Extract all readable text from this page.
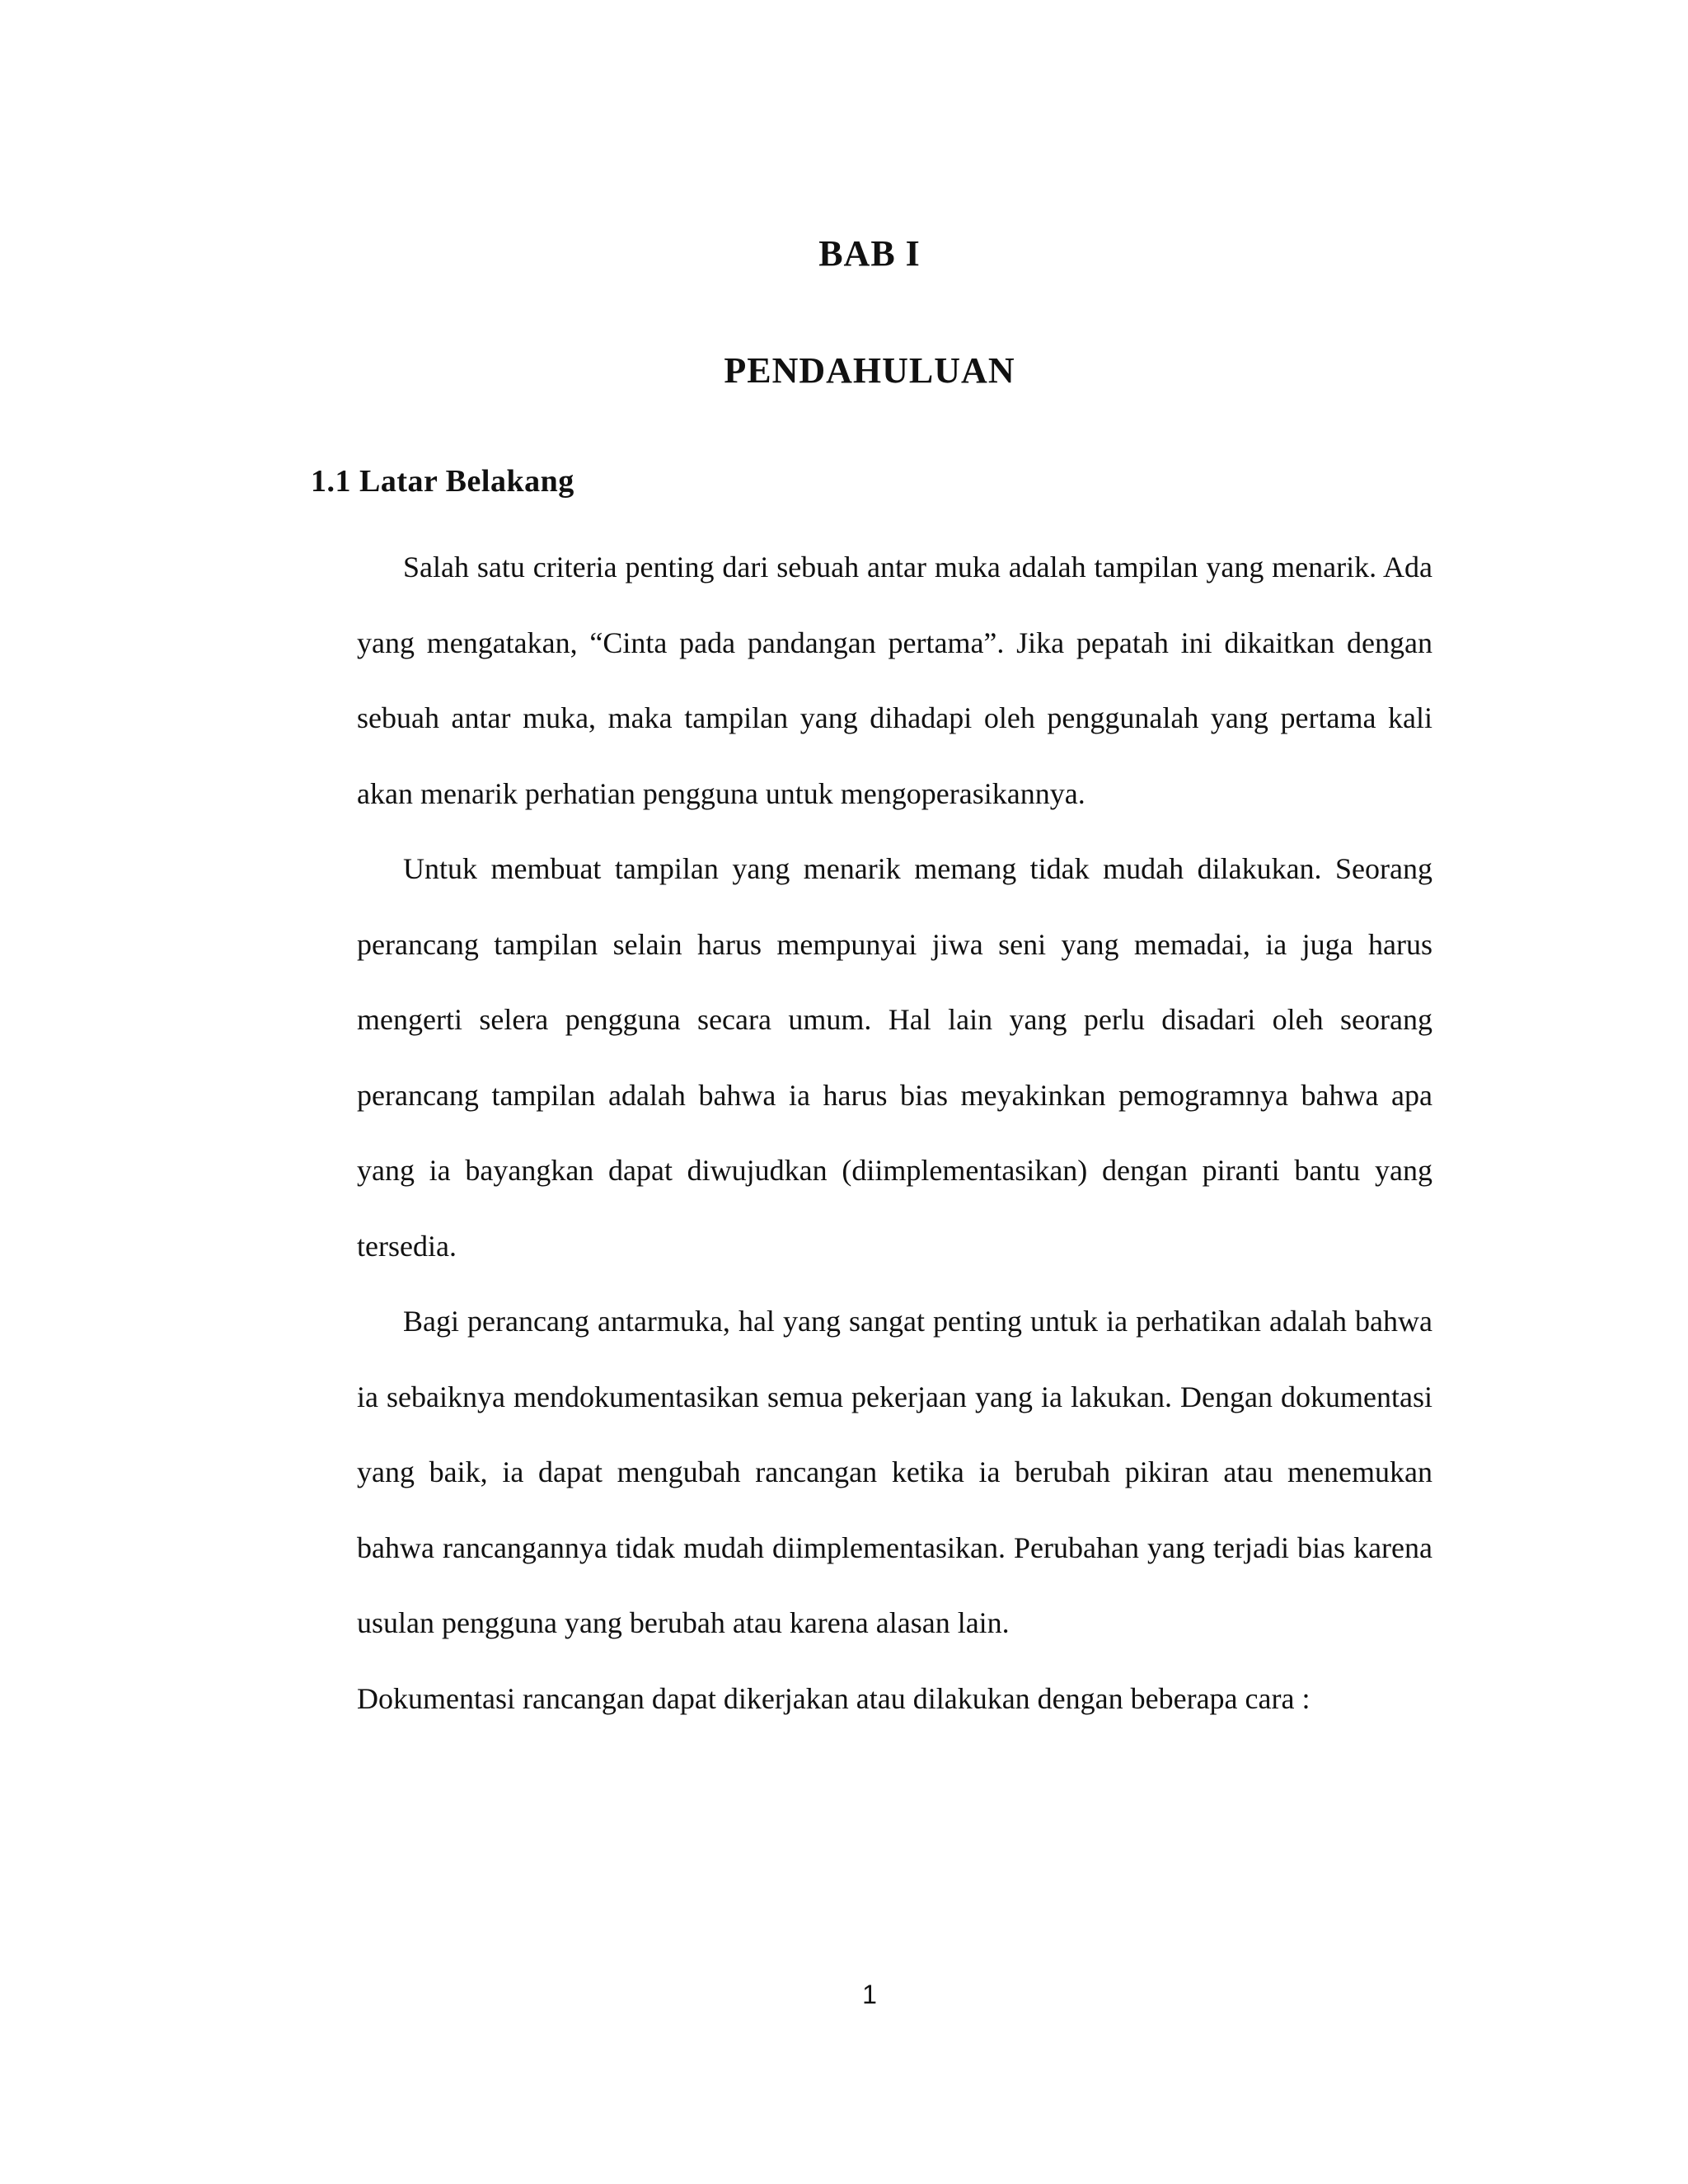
BAB I
PENDAHULUAN
1.1 Latar Belakang

Salah satu criteria penting dari sebuah antar muka adalah tampilan yang menarik. Ada yang mengatakan, “Cinta pada pandangan pertama”. Jika pepatah ini dikaitkan dengan sebuah antar muka, maka tampilan yang dihadapi oleh penggunalah yang pertama kali akan menarik perhatian pengguna untuk mengoperasikannya.

Untuk membuat tampilan yang menarik memang tidak mudah dilakukan. Seorang perancang tampilan selain harus mempunyai jiwa seni yang memadai, ia juga harus mengerti selera pengguna secara umum. Hal lain yang perlu disadari oleh seorang perancang tampilan adalah bahwa ia harus bias meyakinkan pemogramnya bahwa apa yang ia bayangkan dapat diwujudkan (diimplementasikan) dengan piranti bantu yang tersedia.

Bagi perancang antarmuka, hal yang sangat penting untuk ia perhatikan adalah bahwa ia sebaiknya mendokumentasikan semua pekerjaan yang ia lakukan. Dengan dokumentasi yang baik, ia dapat mengubah rancangan ketika ia berubah pikiran atau menemukan bahwa rancangannya tidak mudah diimplementasikan. Perubahan yang terjadi bias karena usulan pengguna yang berubah atau karena alasan lain.

Dokumentasi rancangan dapat dikerjakan atau dilakukan dengan beberapa cara :

1
